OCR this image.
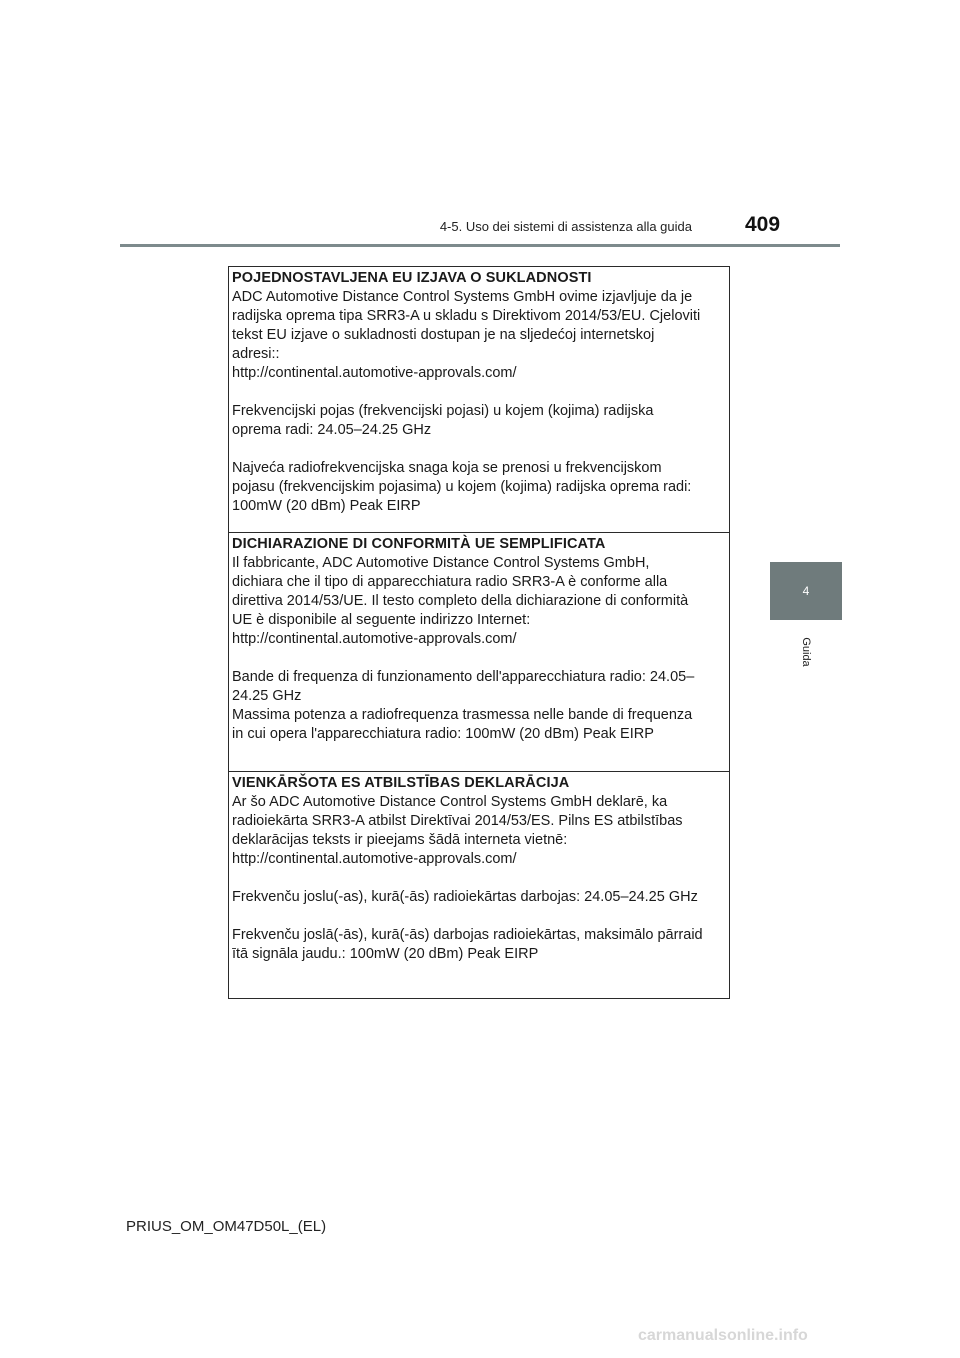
4-5. Uso dei sistemi di assistenza alla guida	409
4
Guida
POJEDNOSTAVLJENA EU IZJAVA O SUKLADNOSTI

ADC Automotive Distance Control Systems GmbH ovime izjavljuje da je
radijska oprema tipa SRR3-A u skladu s Direktivom 2014/53/EU. Cjeloviti
tekst EU izjave o sukladnosti dostupan je na sljedećoj internetskoj
adresi::
http://continental.automotive-approvals.com/

Frekvencijski pojas (frekvencijski pojasi) u kojem (kojima) radijska
oprema radi: 24.05–24.25 GHz

Najveća radiofrekvencijska snaga koja se prenosi u frekvencijskom
pojasu (frekvencijskim pojasima) u kojem (kojima) radijska oprema radi:
100mW (20 dBm) Peak EIRP

DICHIARAZIONE DI CONFORMITÀ UE SEMPLIFICATA

Il fabbricante, ADC Automotive Distance Control Systems GmbH,
dichiara che il tipo di apparecchiatura radio SRR3-A è conforme alla
direttiva 2014/53/UE. Il testo completo della dichiarazione di conformità
UE è disponibile al seguente indirizzo Internet:
http://continental.automotive-approvals.com/

Bande di frequenza di funzionamento dell'apparecchiatura radio: 24.05–
24.25 GHz
Massima potenza a radiofrequenza trasmessa nelle bande di frequenza
in cui opera l'apparecchiatura radio: 100mW (20 dBm) Peak EIRP

VIENKĀRŠOTA ES ATBILSTĪBAS DEKLARĀCIJA

Ar šo ADC Automotive Distance Control Systems GmbH deklarē, ka
radioiekārta SRR3-A atbilst Direktīvai 2014/53/ES. Pilns ES atbilstības
deklarācijas teksts ir pieejams šādā interneta vietnē:
http://continental.automotive-approvals.com/

Frekvenču joslu(-as), kurā(-ās) radioiekārtas darbojas: 24.05–24.25 GHz

Frekvenču joslā(-ās), kurā(-ās) darbojas radioiekārtas, maksimālo pārraid
ītā signāla jaudu.: 100mW (20 dBm) Peak EIRP

PRIUS_OM_OM47D50L_(EL)
carmanualsonline.info
